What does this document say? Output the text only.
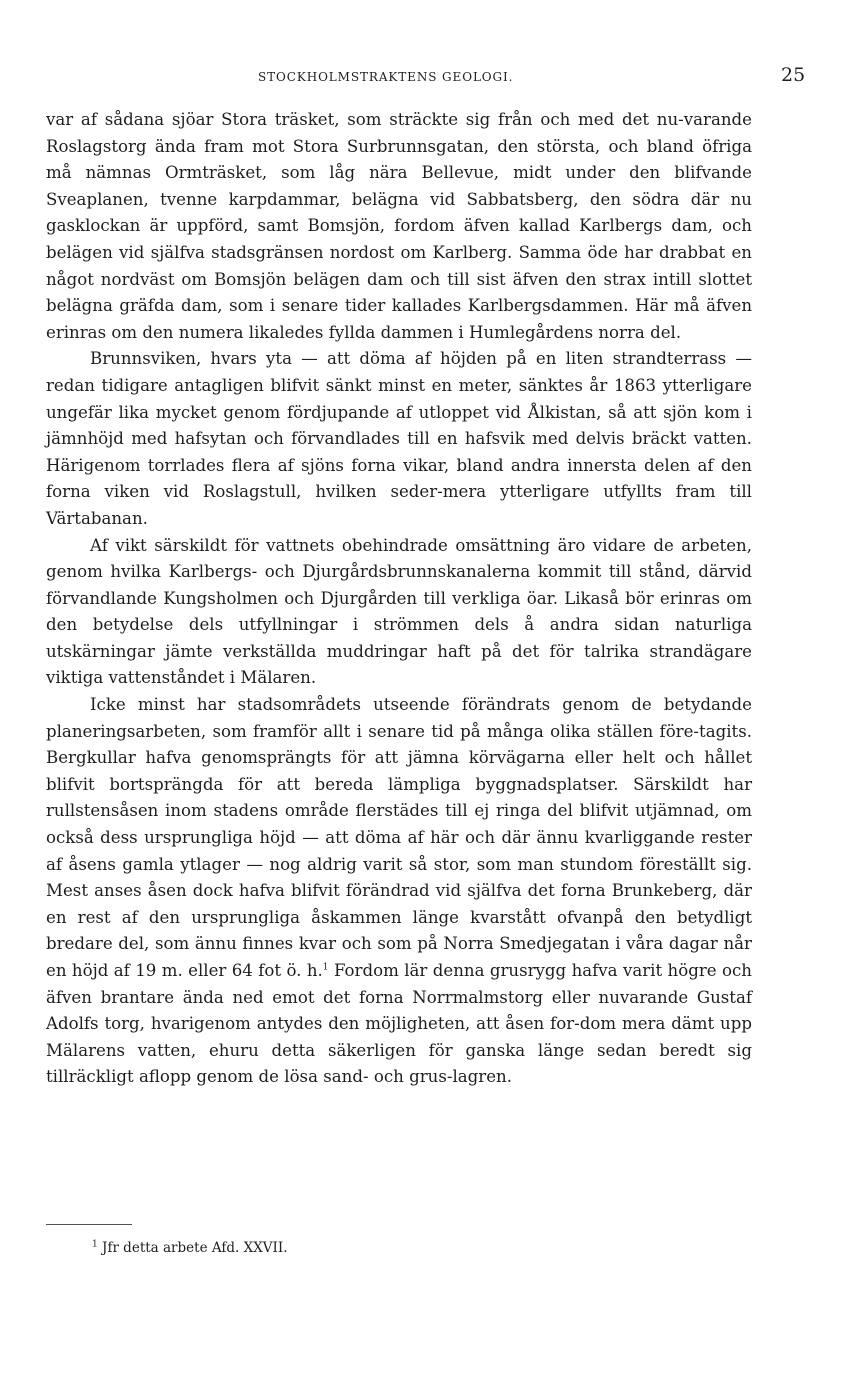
STOCKHOLMSTRAKTENS GEOLOGI.	25

var af sådana sjöar Stora träsket, som sträckte sig från och med det nu-varande Roslagstorg ända fram mot Stora Surbrunnsgatan, den största, och bland öfriga må nämnas Ormträsket, som låg nära Bellevue, midt under den blifvande Sveaplanen, tvenne karpdammar, belägna vid Sabbatsberg, den södra där nu gasklockan är uppförd, samt Bomsjön, fordom äfven kallad Karlbergs dam, och belägen vid själfva stadsgränsen nordost om Karlberg. Samma öde har drabbat en något nordväst om Bomsjön belägen dam och till sist äfven den strax intill slottet belägna gräfda dam, som i senare tider kallades Karlbergsdammen. Här må äfven erinras om den numera likaledes fyllda dammen i Humlegårdens norra del.

Brunnsviken, hvars yta — att döma af höjden på en liten strandterrass — redan tidigare antagligen blifvit sänkt minst en meter, sänktes år 1863 ytterligare ungefär lika mycket genom fördjupande af utloppet vid Ålkistan, så att sjön kom i jämnhöjd med hafsytan och förvandlades till en hafsvik med delvis bräckt vatten. Härigenom torrlades flera af sjöns forna vikar, bland andra innersta delen af den forna viken vid Roslagstull, hvilken seder-mera ytterligare utfyllts fram till Värtabanan.

Af vikt särskildt för vattnets obehindrade omsättning äro vidare de arbeten, genom hvilka Karlbergs- och Djurgårdsbrunnskanalerna kommit till stånd, därvid förvandlande Kungsholmen och Djurgården till verkliga öar. Likaså bör erinras om den betydelse dels utfyllningar i strömmen dels å andra sidan naturliga utskärningar jämte verkställda muddringar haft på det för talrika strandägare viktiga vattenståndet i Mälaren.

Icke minst har stadsområdets utseende förändrats genom de betydande planeringsarbeten, som framför allt i senare tid på många olika ställen före-tagits. Bergkullar hafva genomsprängts för att jämna körvägarna eller helt och hållet blifvit bortsprängda för att bereda lämpliga byggnadsplatser. Särskildt har rullstensåsen inom stadens område flerstädes till ej ringa del blifvit utjämnad, om också dess ursprungliga höjd — att döma af här och där ännu kvarliggande rester af åsens gamla ytlager — nog aldrig varit så stor, som man stundom föreställt sig. Mest anses åsen dock hafva blifvit förändrad vid själfva det forna Brunkeberg, där en rest af den ursprungliga åskammen länge kvarstått ofvanpå den betydligt bredare del, som ännu finnes kvar och som på Norra Smedjegatan i våra dagar når en höjd af 19 m. eller 64 fot ö. h.$^1$ Fordom lär denna grusrygg hafva varit högre och äfven brantare ända ned emot det forna Norrmalmstorg eller nuvarande Gustaf Adolfs torg, hvarigenom antydes den möjligheten, att åsen for-dom mera dämt upp Mälarens vatten, ehuru detta säkerligen för ganska länge sedan beredt sig tillräckligt aflopp genom de lösa sand- och grus-lagren.

$^1$ Jfr detta arbete Afd. XXVII.
